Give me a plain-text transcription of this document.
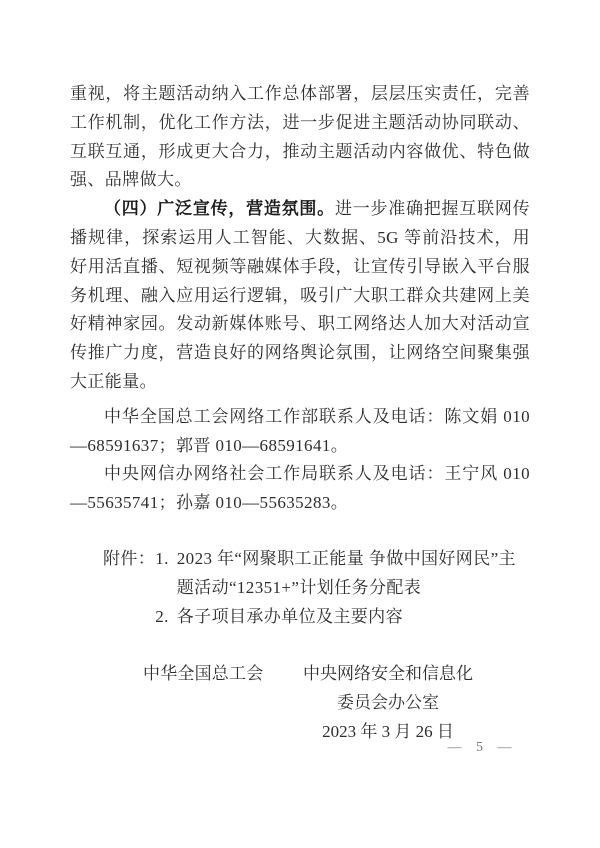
重视，将主题活动纳入工作总体部署，层层压实责任，完善工作机制，优化工作方法，进一步促进主题活动协同联动、互联互通，形成更大合力，推动主题活动内容做优、特色做强、品牌做大。

（四）广泛宣传，营造氛围。进一步准确把握互联网传播规律，探索运用人工智能、大数据、5G 等前沿技术，用好用活直播、短视频等融媒体手段，让宣传引导嵌入平台服务机理、融入应用运行逻辑，吸引广大职工群众共建网上美好精神家园。发动新媒体账号、职工网络达人加大对活动宣传推广力度，营造良好的网络舆论氛围，让网络空间聚集强大正能量。

中华全国总工会网络工作部联系人及电话：陈文娟 010—68591637；郭晋 010—68591641。

中央网信办网络社会工作局联系人及电话：王宁风 010—55635741；孙嘉 010—55635283。

附件： 1. 2023 年“网聚职工正能量 争做中国好网民”主
题活动“12351+”计划任务分配表
2. 各子项目承办单位及主要内容
中华全国总工会 中央网络安全和信息化
委员会办公室
2023 年 3 月 26 日
— 5 —
